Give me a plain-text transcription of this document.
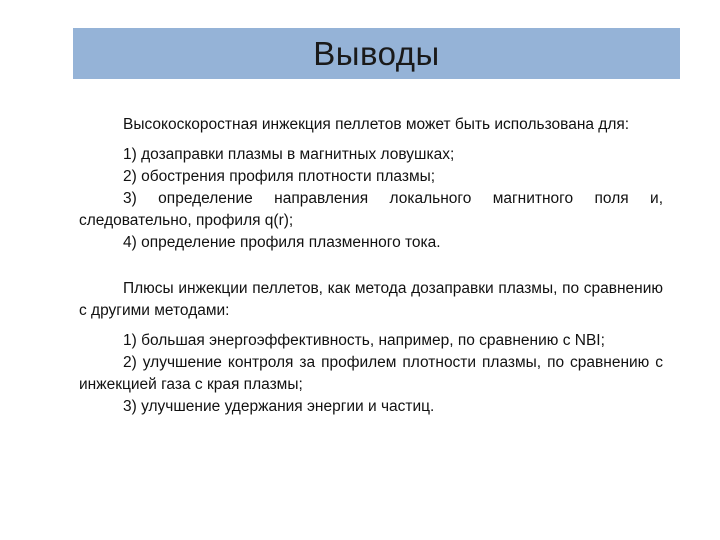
Выводы

Высокоскоростная инжекция пеллетов может быть использована для:

1) дозаправки плазмы в магнитных ловушках;

2) обострения профиля плотности плазмы;

3) определение направления локального магнитного поля и, следовательно, профиля q(r);

4) определение профиля плазменного тока.

Плюсы инжекции пеллетов, как метода дозаправки плазмы, по сравнению с другими методами:

1) большая энергоэффективность, например, по сравнению с NBI;

2) улучшение контроля за профилем плотности плазмы, по сравнению с инжекцией газа с края плазмы;

3) улучшение удержания энергии и частиц.
